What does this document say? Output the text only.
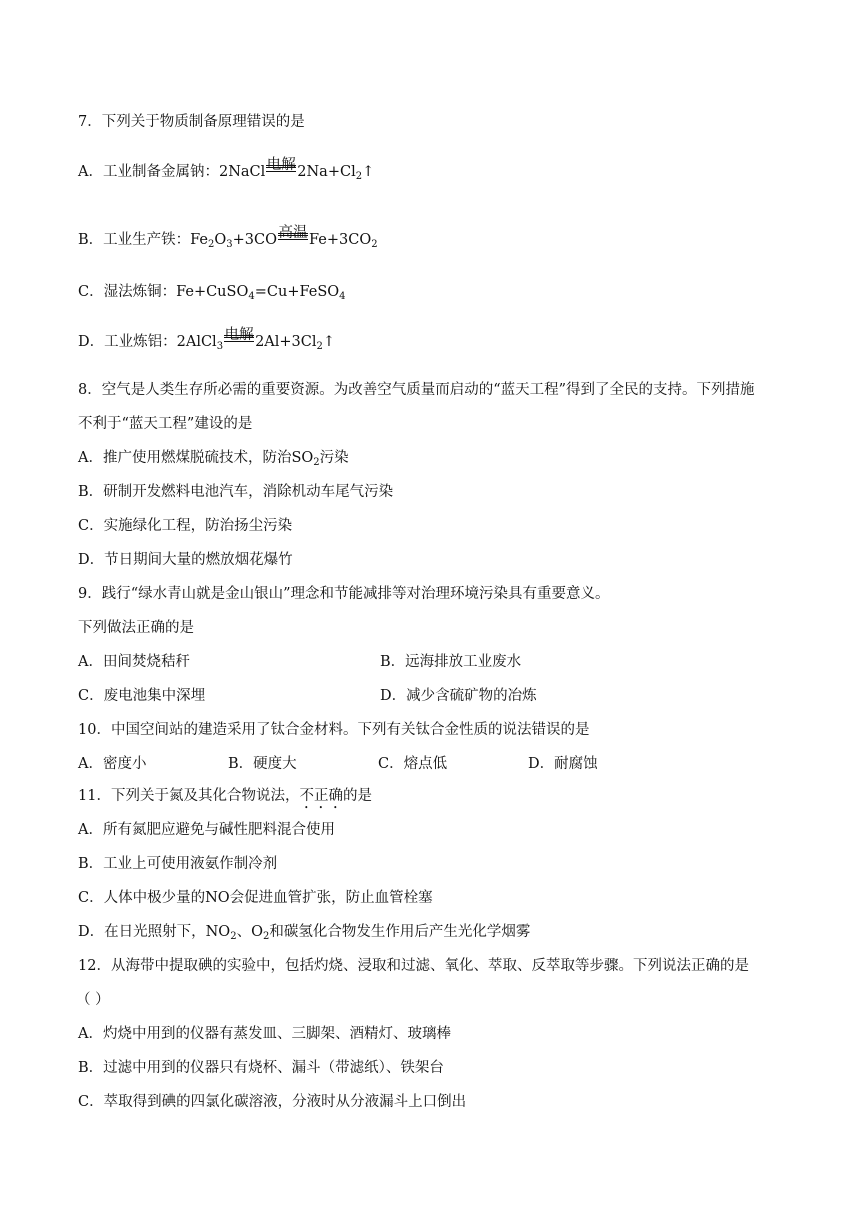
7．下列关于物质制备原理错误的是
A．工业制备金属钠：2NaCl 电解 $2Na+Cl_2↑$
B．工业生产铁：$Fe_2O_3+3CO$ 高温 $Fe+3CO_2$
C．湿法炼铜：Fe+CuSO$_4$=Cu+FeSO$_4$
D．工业炼铝：2AlCl$_3$
电解 $2Al+3Cl_2↑$
8．空气是人类生存所必需的重要资源。为改善空气质量而启动的“蓝天工程”得到了全民的支持。下列措施
不利于“蓝天工程”建设的是
A．推广使用燃煤脱硫技术，防治$SO_2$污染
B．研制开发燃料电池汽车，消除机动车尾气污染
C．实施绿化工程，防治扬尘污染
D．节日期间大量的燃放烟花爆竹
9．践行“绿水青山就是金山银山”理念和节能减排等对治理环境污染具有重要意义。
下列做法正确的是
A．田间焚烧秸秆	B．远海排放工业废水
C．废电池集中深埋	D．减少含硫矿物的冶炼
10．中国空间站的建造采用了钛合金材料。下列有关钛合金性质的说法错误的是
A．密度小	B．硬度大	C．熔点低	D．耐腐蚀
11．下列关于氮及其化合物说法，不正确的是
A．所有氮肥应避免与碱性肥料混合使用
B．工业上可使用液氨作制冷剂
C．人体中极少量的NO会促进血管扩张，防止血管栓塞
D．在日光照射下，$NO_2$、$O_2$和碳氢化合物发生作用后产生光化学烟雾
12．从海带中提取碘的实验中，包括灼烧、浸取和过滤、氧化、萃取、反萃取等步骤。下列说法正确的是
（ ）
A．灼烧中用到的仪器有蒸发皿、三脚架、酒精灯、玻璃棒
B．过滤中用到的仪器只有烧杯、漏斗（带滤纸）、铁架台
C．萃取得到碘的四氯化碳溶液，分液时从分液漏斗上口倒出
